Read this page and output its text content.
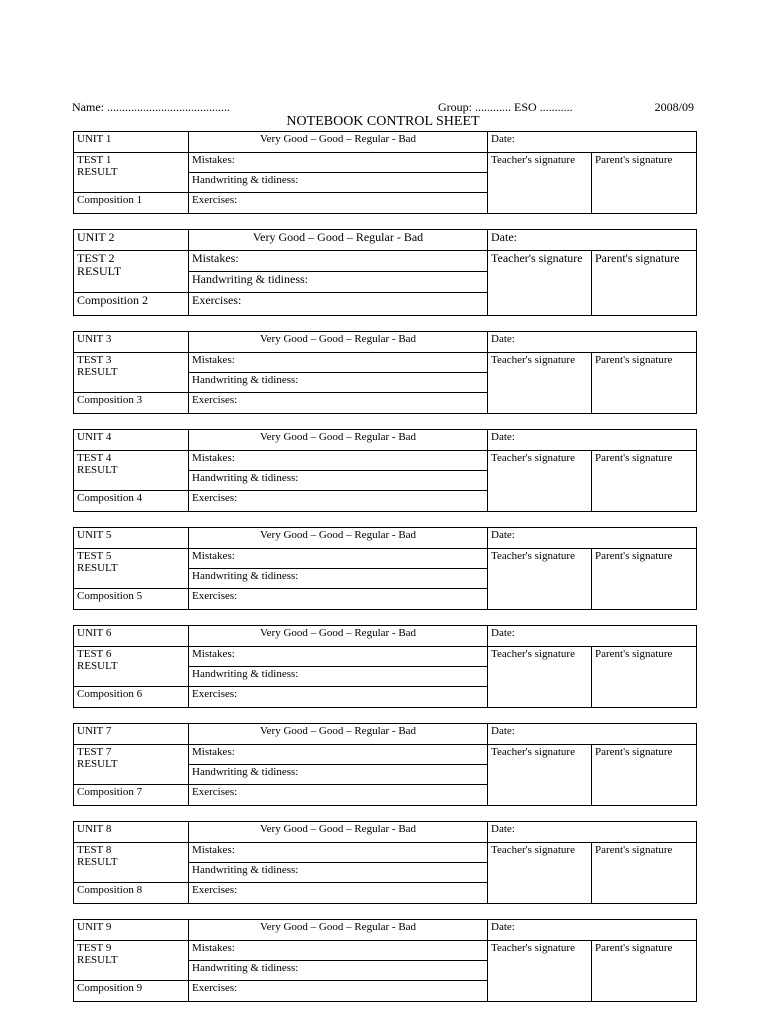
Name: .........................................	Group: ............ ESO ...........	2008/09
NOTEBOOK CONTROL SHEET
UNIT 1	Very Good – Good – Regular - Bad	Date:	
TEST 1
RESULT	Mistakes:	Teacher's signature	Parent's signature
	Handwriting & tidiness:		
Composition 1	Exercises:		
UNIT 2	Very Good – Good – Regular - Bad	Date:	
TEST 2
RESULT	Mistakes:	Teacher's signature	Parent's signature
	Handwriting & tidiness:		
Composition 2	Exercises:		
UNIT 3	Very Good – Good – Regular - Bad	Date:	
TEST 3
RESULT	Mistakes:	Teacher's signature	Parent's signature
	Handwriting & tidiness:		
Composition 3	Exercises:		
UNIT 4	Very Good – Good – Regular - Bad	Date:	
TEST 4
RESULT	Mistakes:	Teacher's signature	Parent's signature
	Handwriting & tidiness:		
Composition 4	Exercises:		
UNIT 5	Very Good – Good – Regular - Bad	Date:	
TEST 5
RESULT	Mistakes:	Teacher's signature	Parent's signature
	Handwriting & tidiness:		
Composition 5	Exercises:		
UNIT 6	Very Good – Good – Regular - Bad	Date:	
TEST 6
RESULT	Mistakes:	Teacher's signature	Parent's signature
	Handwriting & tidiness:		
Composition 6	Exercises:		
UNIT 7	Very Good – Good – Regular - Bad	Date:	
TEST 7
RESULT	Mistakes:	Teacher's signature	Parent's signature
	Handwriting & tidiness:		
Composition 7	Exercises:		
UNIT 8	Very Good – Good – Regular - Bad	Date:	
TEST 8
RESULT	Mistakes:	Teacher's signature	Parent's signature
	Handwriting & tidiness:		
Composition 8	Exercises:		
UNIT 9	Very Good – Good – Regular - Bad	Date:	
TEST 9
RESULT	Mistakes:	Teacher's signature	Parent's signature
	Handwriting & tidiness:		
Composition 9	Exercises:		
